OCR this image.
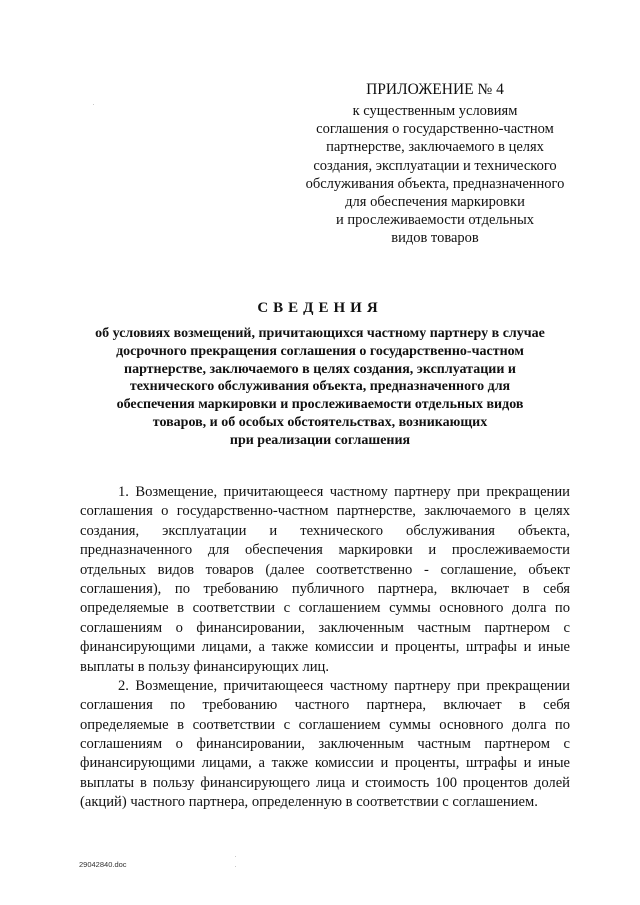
ПРИЛОЖЕНИЕ № 4
к существенным условиям
соглашения о государственно-частном
партнерстве, заключаемого в целях
создания, эксплуатации и технического
обслуживания объекта, предназначенного
для обеспечения маркировки
и прослеживаемости отдельных
видов товаров
СВЕДЕНИЯ
об условиях возмещений, причитающихся частному партнеру в случае
досрочного прекращения соглашения о государственно-частном
партнерстве, заключаемого в целях создания, эксплуатации и
технического обслуживания объекта, предназначенного для
обеспечения маркировки и прослеживаемости отдельных видов
товаров, и об особых обстоятельствах, возникающих
при реализации соглашения
1. Возмещение, причитающееся частному партнеру при прекращении
соглашения о государственно-частном партнерстве, заключаемого в целях
создания, эксплуатации и технического обслуживания объекта,
предназначенного для обеспечения маркировки и прослеживаемости
отдельных видов товаров (далее соответственно - соглашение, объект
соглашения), по требованию публичного партнера, включает в себя
определяемые в соответствии с соглашением суммы основного долга по
соглашениям о финансировании, заключенным частным партнером с
финансирующими лицами, а также комиссии и проценты, штрафы и иные
выплаты в пользу финансирующих лиц.
2. Возмещение, причитающееся частному партнеру при прекращении
соглашения по требованию частного партнера, включает в себя
определяемые в соответствии с соглашением суммы основного долга по
соглашениям о финансировании, заключенным частным партнером с
финансирующими лицами, а также комиссии и проценты, штрафы и иные
выплаты в пользу финансирующего лица и стоимость 100 процентов долей
(акций) частного партнера, определенную в соответствии с соглашением.
29042840.doc
